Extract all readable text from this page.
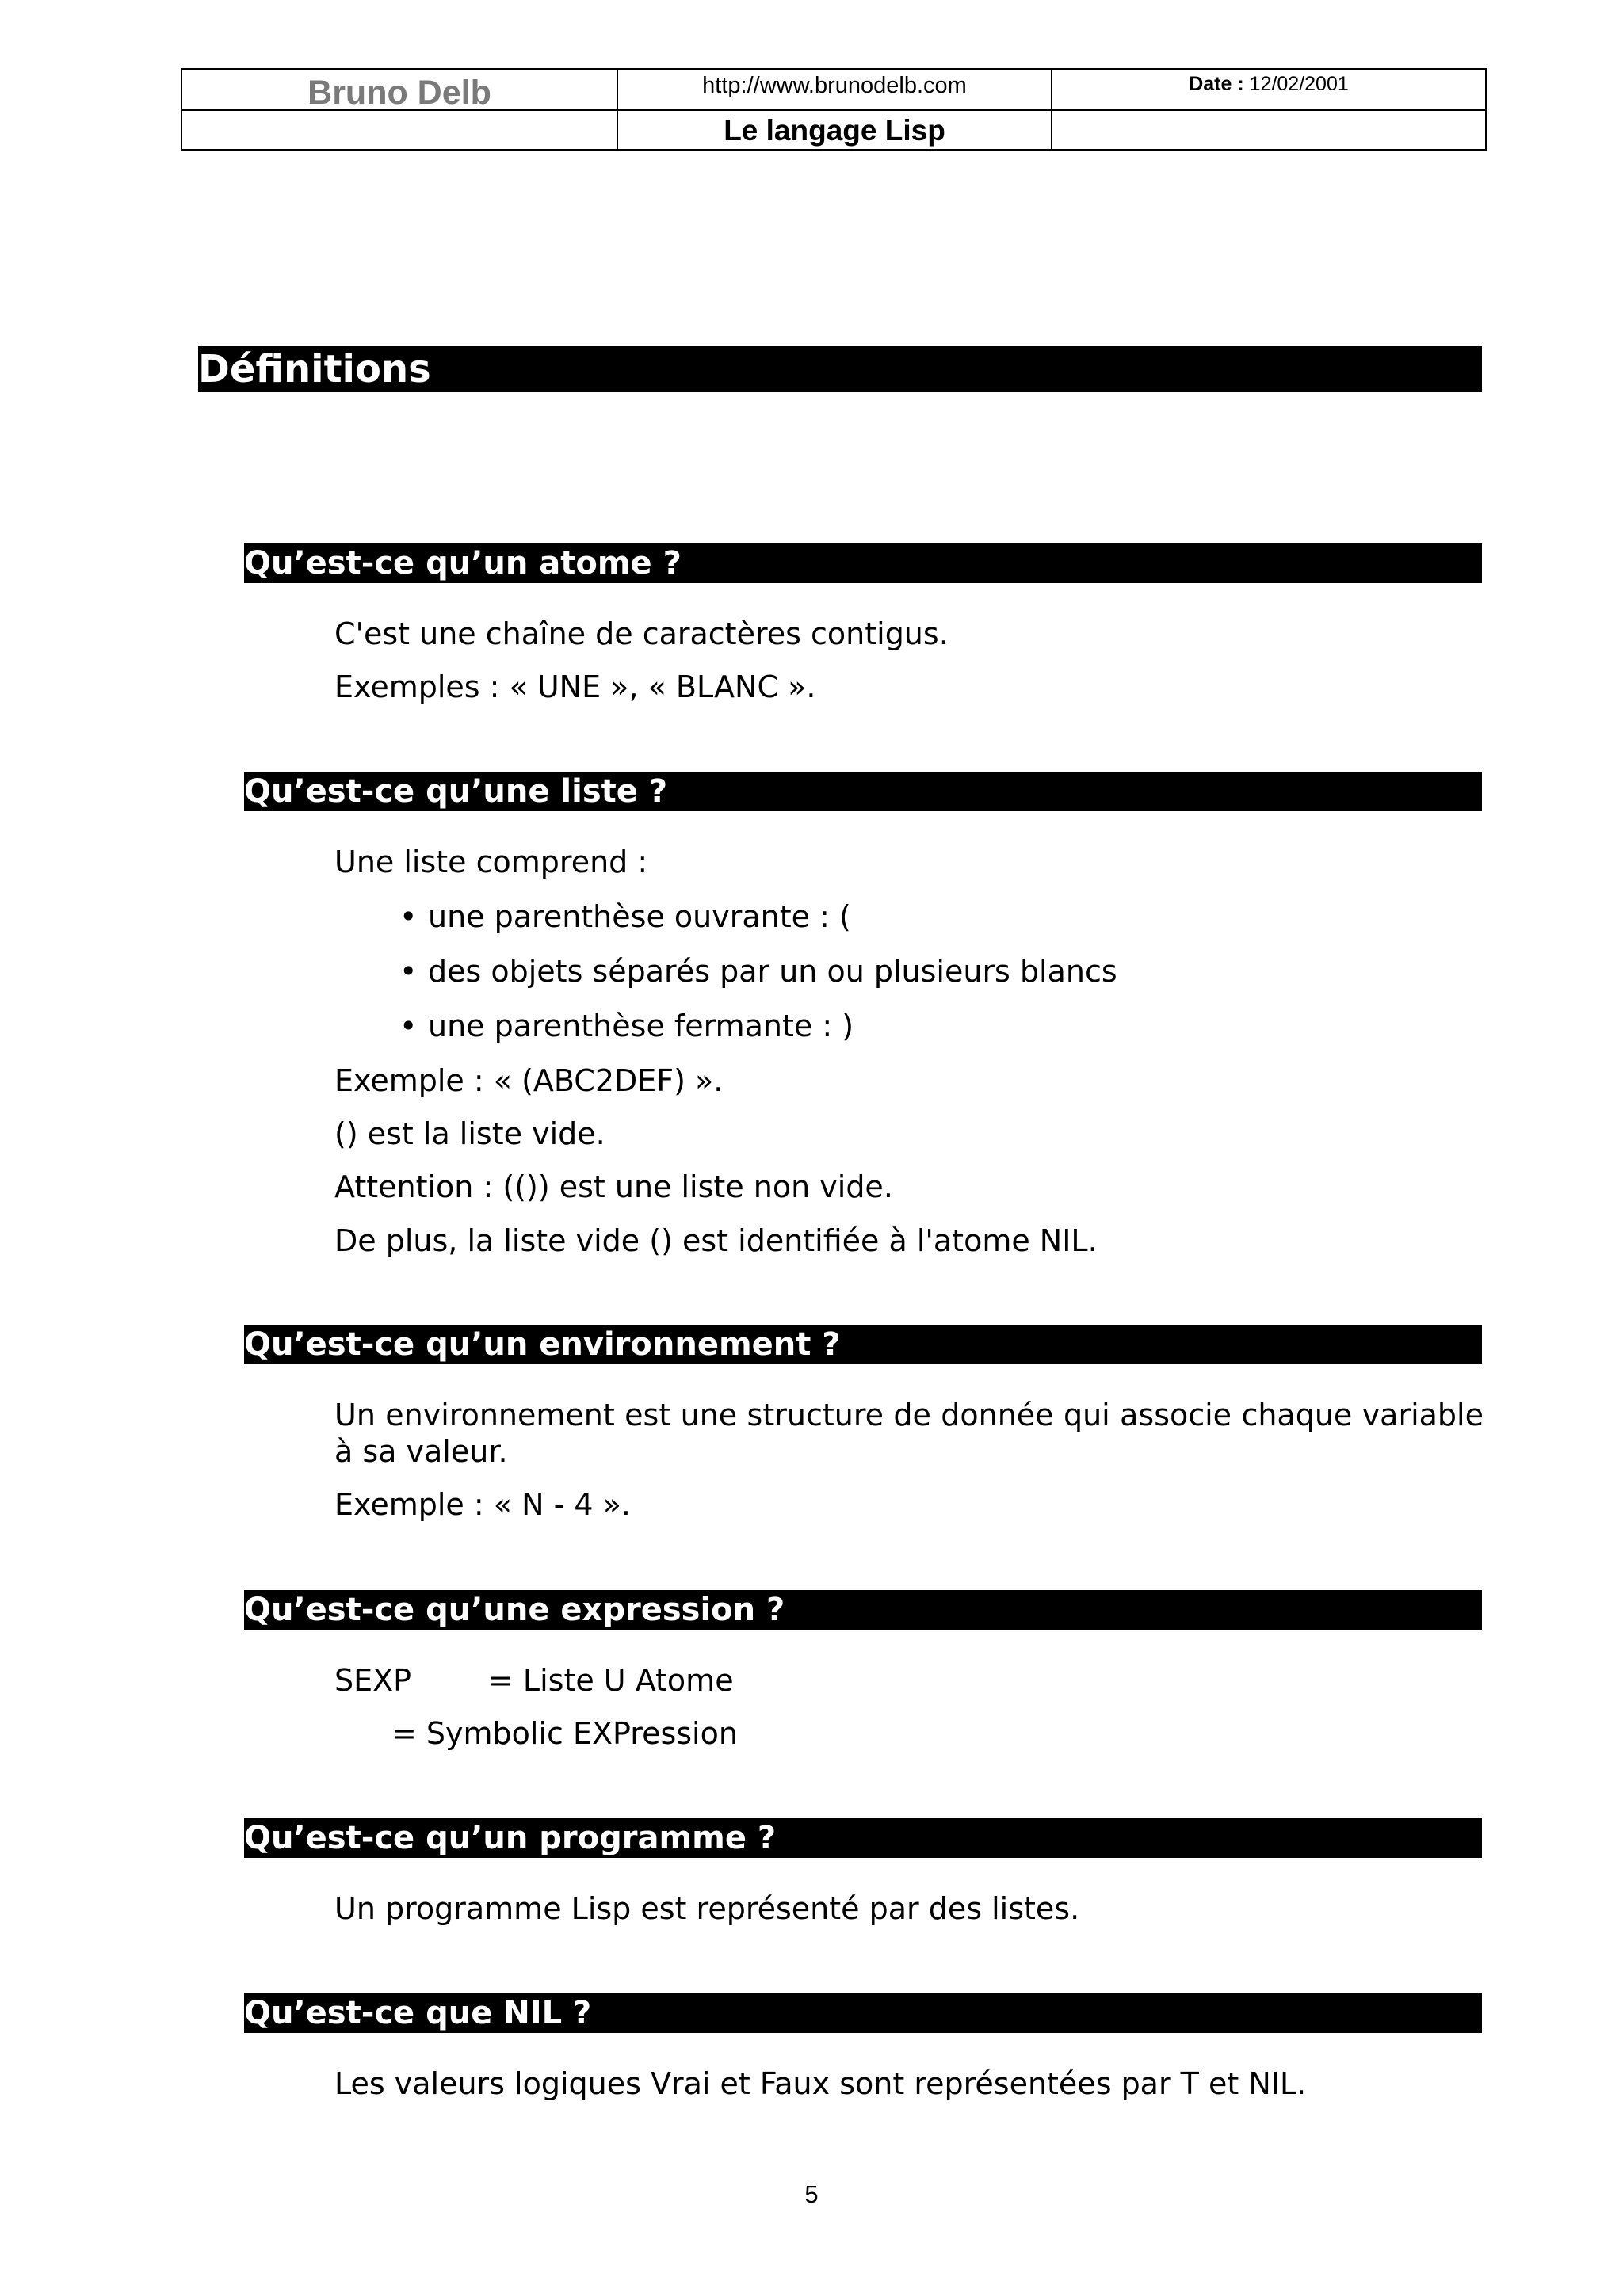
Bruno Delb	http://www.brunodelb.com	Date : 12/02/2001
Le langage Lisp
Définitions
Qu’est-ce qu’un atome ?
C'est une chaîne de caractères contigus.
Exemples : « UNE », « BLANC ».
Qu’est-ce qu’une liste ?
Une liste comprend :
• une parenthèse ouvrante : (
• des objets séparés par un ou plusieurs blancs
• une parenthèse fermante : )
Exemple : « (ABC2DEF) ».
() est la liste vide.
Attention : (()) est une liste non vide.
De plus, la liste vide () est identifiée à l'atome NIL.
Qu’est-ce qu’un environnement ?
Un environnement est une structure de donnée qui associe chaque variable à sa valeur.
Exemple : « N - 4 ».
Qu’est-ce qu’une expression ?
SEXP	= Liste U Atome
= Symbolic EXPression
Qu’est-ce qu’un programme ?
Un programme Lisp est représenté par des listes.
Qu’est-ce que NIL ?
Les valeurs logiques Vrai et Faux sont représentées par T et NIL.
5
